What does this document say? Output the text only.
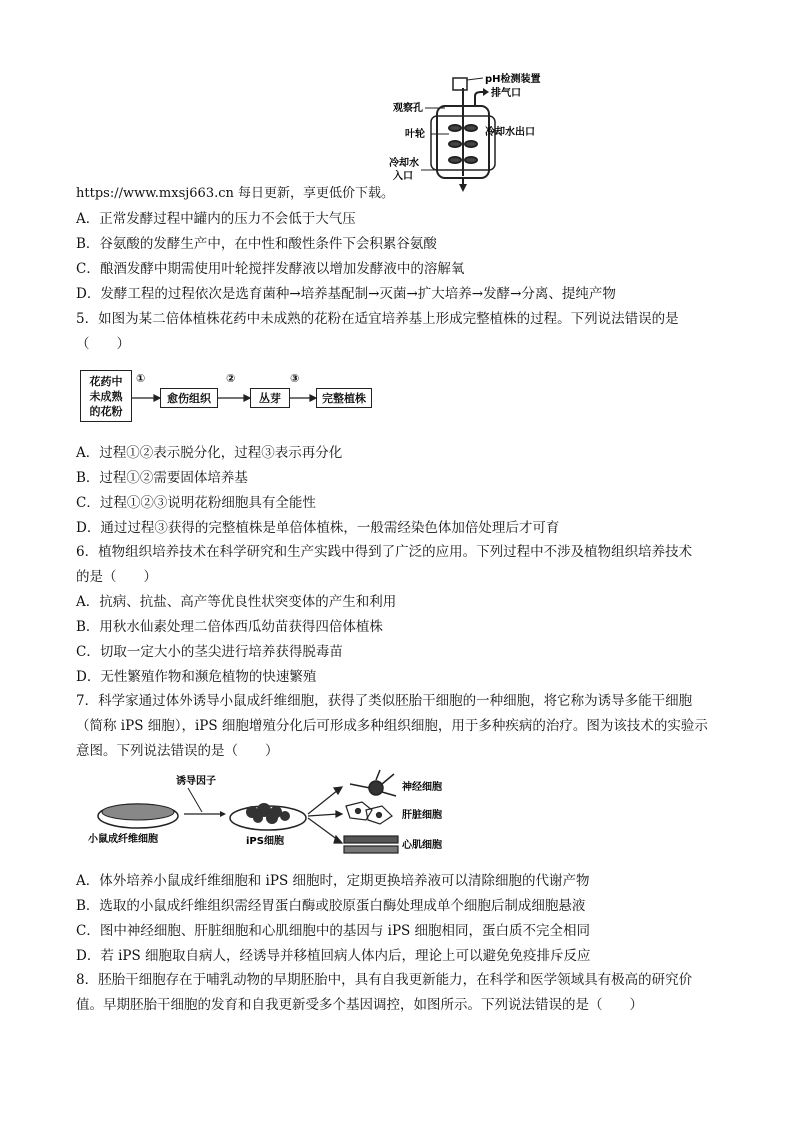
pH检测装置
排气口
观察孔
叶轮	冷却水出口
冷却水
入口
https://www.mxsj663.cn 每日更新，享更低价下载。
A．正常发酵过程中罐内的压力不会低于大气压
B．谷氨酸的发酵生产中，在中性和酸性条件下会积累谷氨酸
C．酿酒发酵中期需使用叶轮搅拌发酵液以增加发酵液中的溶解氧
D．发酵工程的过程依次是选育菌种→培养基配制→灭菌→扩大培养→发酵→分离、提纯产物
5．如图为某二倍体植株花药中未成熟的花粉在适宜培养基上形成完整植株的过程。下列说法错误的是
（　　）
花药中
未成熟
的花粉
①
愈伤组织
②
丛芽
③
完整植株
A．过程①②表示脱分化，过程③表示再分化
B．过程①②需要固体培养基
C．过程①②③说明花粉细胞具有全能性
D．通过过程③获得的完整植株是单倍体植株，一般需经染色体加倍处理后才可育
6．植物组织培养技术在科学研究和生产实践中得到了广泛的应用。下列过程中不涉及植物组织培养技术
的是（　　）
A．抗病、抗盐、高产等优良性状突变体的产生和利用
B．用秋水仙素处理二倍体西瓜幼苗获得四倍体植株
C．切取一定大小的茎尖进行培养获得脱毒苗
D．无性繁殖作物和濒危植物的快速繁殖
7．科学家通过体外诱导小鼠成纤维细胞，获得了类似胚胎干细胞的一种细胞，将它称为诱导多能干细胞
（简称 iPS 细胞），iPS 细胞增殖分化后可形成多种组织细胞，用于多种疾病的治疗。图为该技术的实验示
意图。下列说法错误的是（　　）
诱导因子
小鼠成纤维细胞	iPS细胞
神经细胞
肝脏细胞
心肌细胞
A．体外培养小鼠成纤维细胞和 iPS 细胞时，定期更换培养液可以清除细胞的代谢产物
B．选取的小鼠成纤维组织需经胃蛋白酶或胶原蛋白酶处理成单个细胞后制成细胞悬液
C．图中神经细胞、肝脏细胞和心肌细胞中的基因与 iPS 细胞相同，蛋白质不完全相同
D．若 iPS 细胞取自病人，经诱导并移植回病人体内后，理论上可以避免免疫排斥反应
8．胚胎干细胞存在于哺乳动物的早期胚胎中，具有自我更新能力，在科学和医学领域具有极高的研究价
值。早期胚胎干细胞的发育和自我更新受多个基因调控，如图所示。下列说法错误的是（　　）
